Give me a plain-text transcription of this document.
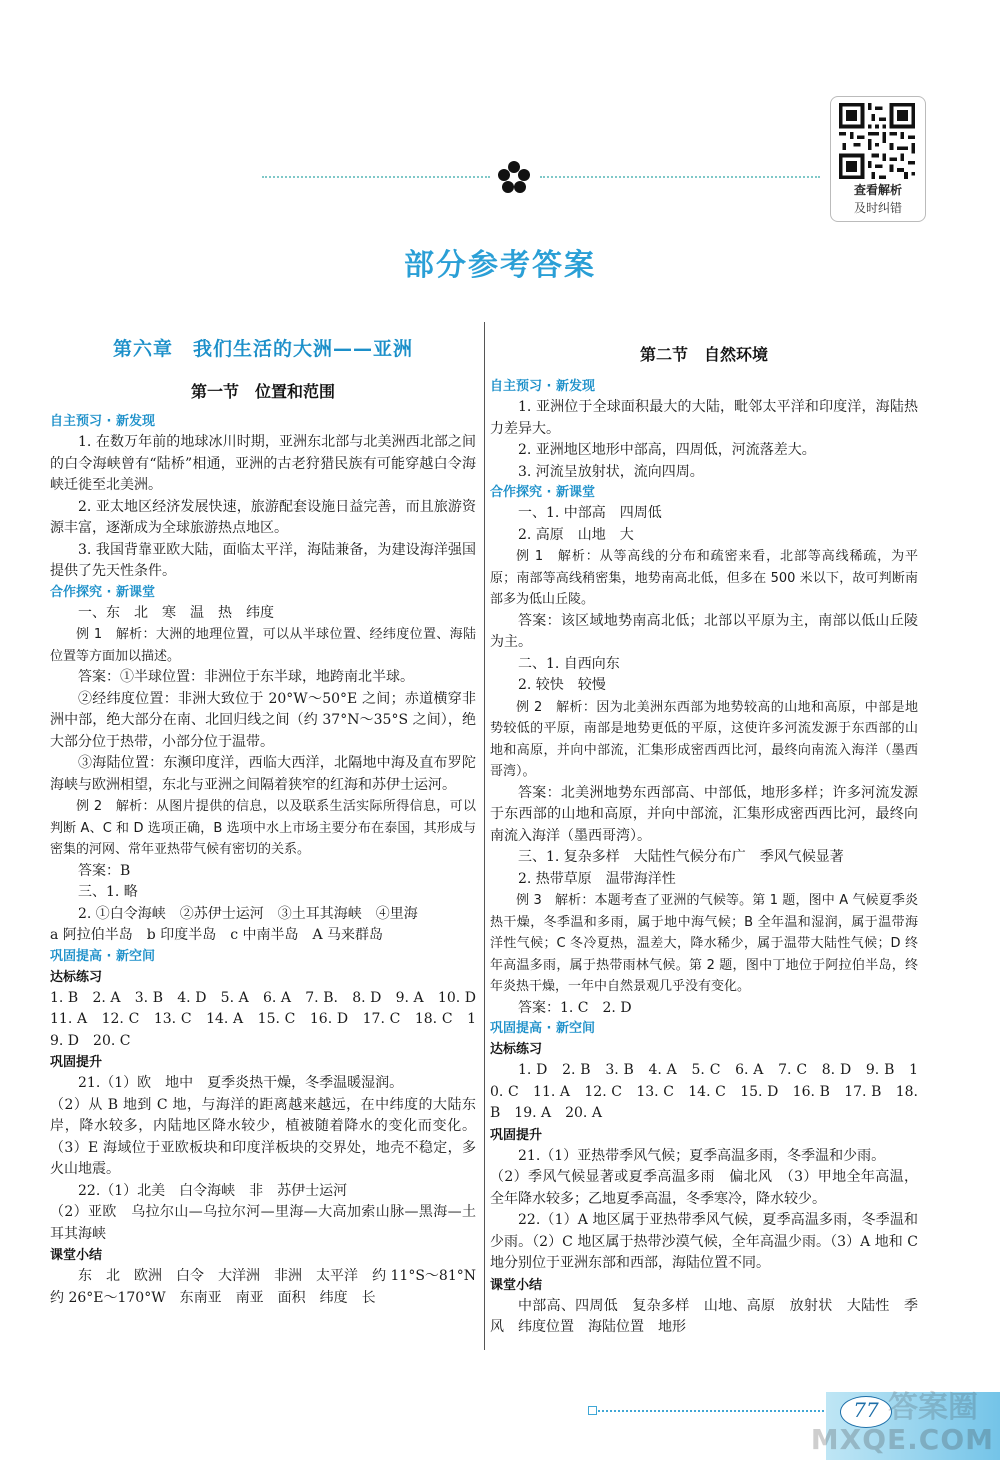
查看解析
及时纠错
部分参考答案
第六章　我们生活的大洲——亚洲
第一节　位置和范围
自主预习 · 新发现
1. 在数万年前的地球冰川时期，亚洲东北部与北美洲西北部之间的白令海峡曾有“陆桥”相通，亚洲的古老狩猎民族有可能穿越白令海峡迁徙至北美洲。
2. 亚太地区经济发展快速，旅游配套设施日益完善，而且旅游资源丰富，逐渐成为全球旅游热点地区。
3. 我国背靠亚欧大陆，面临太平洋，海陆兼备，为建设海洋强国提供了先天性条件。
合作探究 · 新课堂
一、东　北　寒　温　热　纬度
例 1　解析：大洲的地理位置，可以从半球位置、经纬度位置、海陆位置等方面加以描述。
答案：①半球位置：非洲位于东半球，地跨南北半球。
②经纬度位置：非洲大致位于 20°W～50°E 之间；赤道横穿非洲中部，绝大部分在南、北回归线之间（约 37°N～35°S 之间），绝大部分位于热带，小部分位于温带。
③海陆位置：东濒印度洋，西临大西洋，北隔地中海及直布罗陀海峡与欧洲相望，东北与亚洲之间隔着狭窄的红海和苏伊士运河。
例 2　解析：从图片提供的信息，以及联系生活实际所得信息，可以判断 A、C 和 D 选项正确，B 选项中水上市场主要分布在泰国，其形成与密集的河网、常年亚热带气候有密切的关系。
答案：B
三、1. 略
2. ①白令海峡　②苏伊士运河　③土耳其海峡　④里海
a 阿拉伯半岛　b 印度半岛　c 中南半岛　A 马来群岛
巩固提高 · 新空间
达标练习
1. B　2. A　3. B　4. D　5. A　6. A　7. B.　8. D　9. A　10. D　11. A　12. C　13. C　14. A　15. C　16. D　17. C　18. C　19. D　20. C
巩固提升
21.（1）欧　地中　夏季炎热干燥，冬季温暖湿润。
（2）从 B 地到 C 地，与海洋的距离越来越远，在中纬度的大陆东岸，降水较多，内陆地区降水较少，植被随着降水的变化而变化。（3）E 海域位于亚欧板块和印度洋板块的交界处，地壳不稳定，多火山地震。
22.（1）北美　白令海峡　非　苏伊士运河
（2）亚欧　乌拉尔山—乌拉尔河—里海—大高加索山脉—黑海—土耳其海峡
课堂小结
东　北　欧洲　白令　大洋洲　非洲　太平洋　约 11°S～81°N　约 26°E～170°W　东南亚　南亚　面积　纬度　长
第二节　自然环境
自主预习 · 新发现
1. 亚洲位于全球面积最大的大陆，毗邻太平洋和印度洋，海陆热力差异大。
2. 亚洲地区地形中部高，四周低，河流落差大。
3. 河流呈放射状，流向四周。
合作探究 · 新课堂
一、1. 中部高　四周低
2. 高原　山地　大
例 1　解析：从等高线的分布和疏密来看，北部等高线稀疏，为平原；南部等高线稍密集，地势南高北低，但多在 500 米以下，故可判断南部多为低山丘陵。
答案：该区域地势南高北低；北部以平原为主，南部以低山丘陵为主。
二、1. 自西向东
2. 较快　较慢
例 2　解析：因为北美洲东西部为地势较高的山地和高原，中部是地势较低的平原，南部是地势更低的平原，这使许多河流发源于东西部的山地和高原，并向中部流，汇集形成密西西比河，最终向南流入海洋（墨西哥湾）。
答案：北美洲地势东西部高、中部低，地形多样；许多河流发源于东西部的山地和高原，并向中部流，汇集形成密西西比河，最终向南流入海洋（墨西哥湾）。
三、1. 复杂多样　大陆性气候分布广　季风气候显著
2. 热带草原　温带海洋性
例 3　解析：本题考查了亚洲的气候等。第 1 题，图中 A 气候夏季炎热干燥，冬季温和多雨，属于地中海气候；B 全年温和湿润，属于温带海洋性气候；C 冬冷夏热，温差大，降水稀少，属于温带大陆性气候；D 终年高温多雨，属于热带雨林气候。第 2 题，图中丁地位于阿拉伯半岛，终年炎热干燥，一年中自然景观几乎没有变化。
答案：1. C　2. D
巩固提高 · 新空间
达标练习
1. D　2. B　3. B　4. A　5. C　6. A　7. C　8. D　9. B　10. C　11. A　12. C　13. C　14. C　15. D　16. B　17. B　18. B　19. A　20. A
巩固提升
21.（1）亚热带季风气候；夏季高温多雨，冬季温和少雨。
（2）季风气候显著或夏季高温多雨　偏北风　（3）甲地全年高温，全年降水较多；乙地夏季高温，冬季寒冷，降水较少。
22.（1）A 地区属于亚热带季风气候，夏季高温多雨，冬季温和少雨。（2）C 地区属于热带沙漠气候，全年高温少雨。（3）A 地和 C 地分别位于亚洲东部和西部，海陆位置不同。
课堂小结
中部高、四周低　复杂多样　山地、高原　放射状　大陆性　季风　纬度位置　海陆位置　地形
77 答案圈
MXQE.COM
